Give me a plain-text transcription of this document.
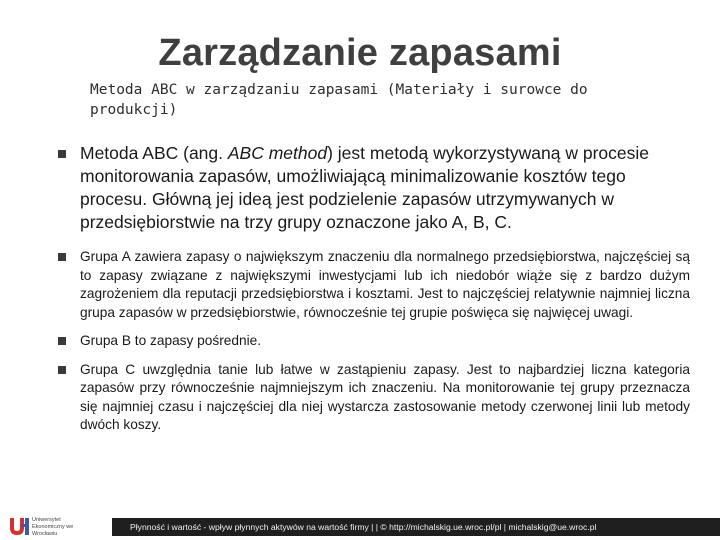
Zarządzanie zapasami
Metoda ABC w zarządzaniu zapasami (Materiały i surowce do produkcji)
Metoda ABC (ang. ABC method) jest metodą wykorzystywaną w procesie monitorowania zapasów, umożliwiającą minimalizowanie kosztów tego procesu. Główną jej ideą jest podzielenie zapasów utrzymywanych w przedsiębiorstwie na trzy grupy oznaczone jako A, B, C.
Grupa A zawiera zapasy o największym znaczeniu dla normalnego przedsiębiorstwa, najczęściej są to zapasy związane z największymi inwestycjami lub ich niedobór wiąże się z bardzo dużym zagrożeniem dla reputacji przedsiębiorstwa i kosztami. Jest to najczęściej relatywnie najmniej liczna grupa zapasów w przedsiębiorstwie, równocześnie tej grupie poświęca się najwięcej uwagi.
Grupa B to zapasy pośrednie.
Grupa C uwzględnia tanie lub łatwe w zastąpieniu zapasy. Jest to najbardziej liczna kategoria zapasów przy równocześnie najmniejszym ich znaczeniu. Na monitorowanie tej grupy przeznacza się najmniej czasu i najczęściej dla niej wystarcza zastosowanie metody czerwonej linii lub metody dwóch koszy.
Uniwersytet Ekonomiczny we Wrocławiu
Płynność i wartość - wpływ płynnych aktywów na wartość firmy | | © http://michalskig.ue.wroc.pl/pl | michalskig@ue.wroc.pl
